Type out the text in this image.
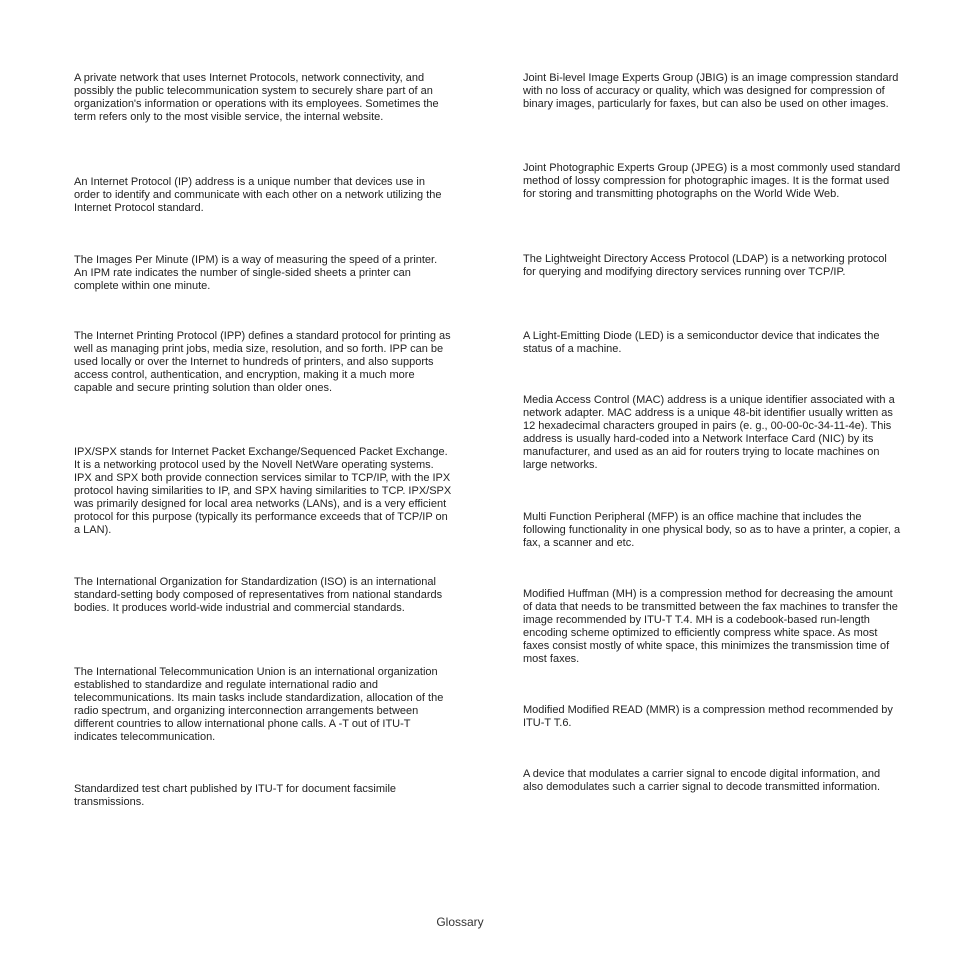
A private network that uses Internet Protocols, network connectivity, and possibly the public telecommunication system to securely share part of an organization's information or operations with its employees. Sometimes the term refers only to the most visible service, the internal website.

An Internet Protocol (IP) address is a unique number that devices use in order to identify and communicate with each other on a network utilizing the Internet Protocol standard.

The Images Per Minute (IPM) is a way of measuring the speed of a printer. An IPM rate indicates the number of single-sided sheets a printer can complete within one minute.

The Internet Printing Protocol (IPP) defines a standard protocol for printing as well as managing print jobs, media size, resolution, and so forth. IPP can be used locally or over the Internet to hundreds of printers, and also supports access control, authentication, and encryption, making it a much more capable and secure printing solution than older ones.

IPX/SPX stands for Internet Packet Exchange/Sequenced Packet Exchange. It is a networking protocol used by the Novell NetWare operating systems. IPX and SPX both provide connection services similar to TCP/IP, with the IPX protocol having similarities to IP, and SPX having similarities to TCP. IPX/SPX was primarily designed for local area networks (LANs), and is a very efficient protocol for this purpose (typically its performance exceeds that of TCP/IP on a LAN).

The International Organization for Standardization (ISO) is an international standard-setting body composed of representatives from national standards bodies. It produces world-wide industrial and commercial standards.

The International Telecommunication Union is an international organization established to standardize and regulate international radio and telecommunications. Its main tasks include standardization, allocation of the radio spectrum, and organizing interconnection arrangements between different countries to allow international phone calls. A -T out of ITU-T indicates telecommunication.

Standardized test chart published by ITU-T for document facsimile transmissions.

Joint Bi-level Image Experts Group (JBIG) is an image compression standard with no loss of accuracy or quality, which was designed for compression of binary images, particularly for faxes, but can also be used on other images.

Joint Photographic Experts Group (JPEG) is a most commonly used standard method of lossy compression for photographic images. It is the format used for storing and transmitting photographs on the World Wide Web.

The Lightweight Directory Access Protocol (LDAP) is a networking protocol for querying and modifying directory services running over TCP/IP.

A Light-Emitting Diode (LED) is a semiconductor device that indicates the status of a machine.

Media Access Control (MAC) address is a unique identifier associated with a network adapter. MAC address is a unique 48-bit identifier usually written as 12 hexadecimal characters grouped in pairs (e. g., 00-00-0c-34-11-4e). This address is usually hard-coded into a Network Interface Card (NIC) by its manufacturer, and used as an aid for routers trying to locate machines on large networks.

Multi Function Peripheral (MFP) is an office machine that includes the following functionality in one physical body, so as to have a printer, a copier, a fax, a scanner and etc.

Modified Huffman (MH) is a compression method for decreasing the amount of data that needs to be transmitted between the fax machines to transfer the image recommended by ITU-T T.4. MH is a codebook-based run-length encoding scheme optimized to efficiently compress white space. As most faxes consist mostly of white space, this minimizes the transmission time of most faxes.

Modified Modified READ (MMR) is a compression method recommended by ITU-T T.6.

A device that modulates a carrier signal to encode digital information, and also demodulates such a carrier signal to decode transmitted information.

Glossary
